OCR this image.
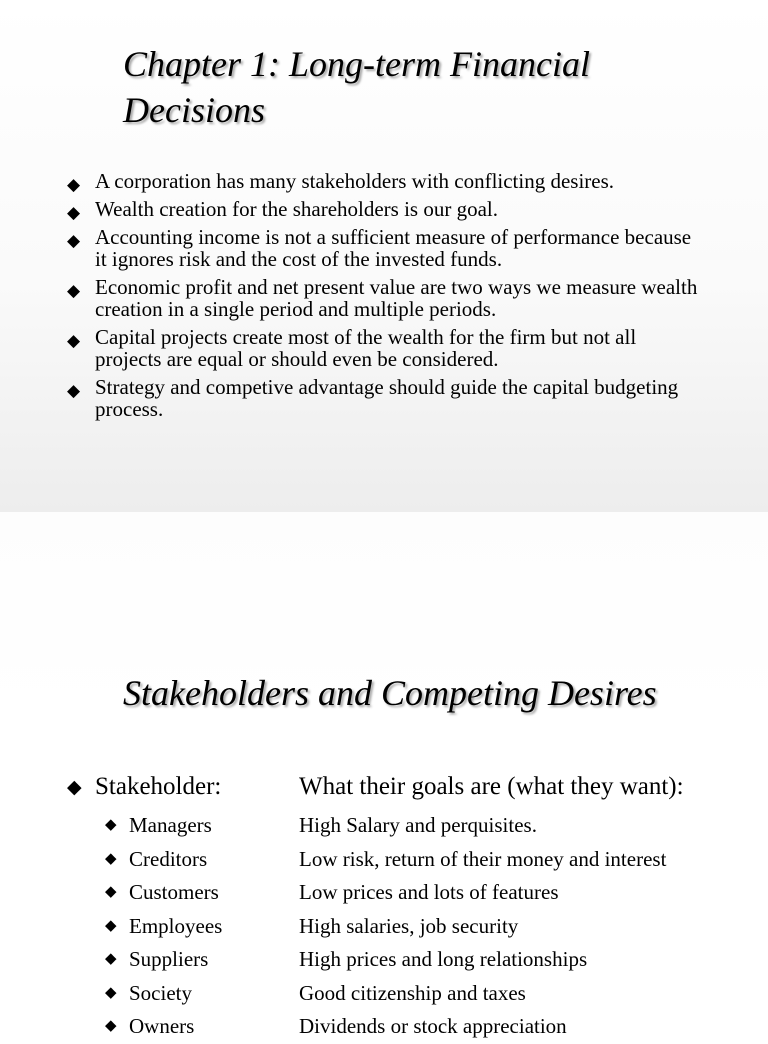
Chapter 1: Long-term Financial Decisions
◆ A corporation has many stakeholders with conflicting desires.
◆ Wealth creation for the shareholders is our goal.
◆ Accounting income is not a sufficient measure of performance because it ignores risk and the cost of the invested funds.
◆ Economic profit and net present value are two ways we measure wealth creation in a single period and multiple periods.
◆ Capital projects create most of the wealth for the firm but not all projects are equal or should even be considered.
◆ Strategy and competive advantage should guide the capital budgeting process.
Stakeholders and Competing Desires
◆ Stakeholder:	What their goals are (what they want):
◆ Managers	High Salary and perquisites.
◆ Creditors	Low risk, return of their money and interest
◆ Customers	Low prices and lots of features
◆ Employees	High salaries, job security
◆ Suppliers	High prices and long relationships
◆ Society	Good citizenship and taxes
◆ Owners	Dividends or stock appreciation
